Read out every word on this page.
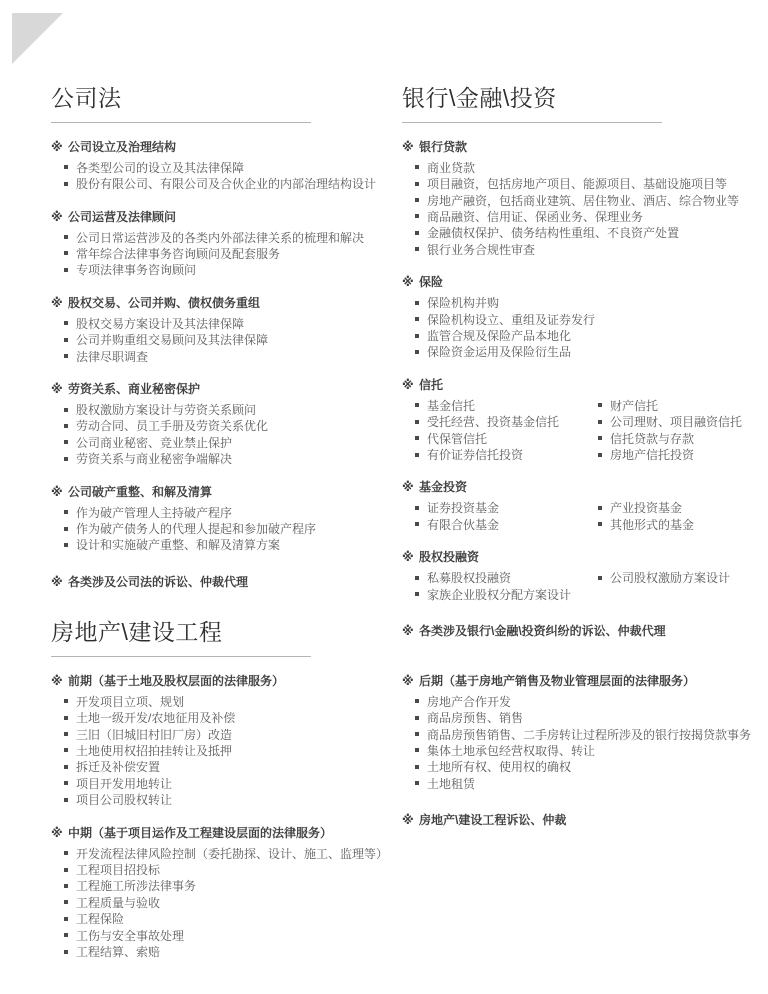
公司法
※ 公司设立及治理结构
各类型公司的设立及其法律保障
股份有限公司、有限公司及合伙企业的内部治理结构设计
※ 公司运营及法律顾问
公司日常运营涉及的各类内外部法律关系的梳理和解决
常年综合法律事务咨询顾问及配套服务
专项法律事务咨询顾问
※ 股权交易、公司并购、债权债务重组
股权交易方案设计及其法律保障
公司并购重组交易顾问及其法律保障
法律尽职调查
※ 劳资关系、商业秘密保护
股权激励方案设计与劳资关系顾问
劳动合同、员工手册及劳资关系优化
公司商业秘密、竞业禁止保护
劳资关系与商业秘密争端解决
※ 公司破产重整、和解及清算
作为破产管理人主持破产程序
作为破产债务人的代理人提起和参加破产程序
设计和实施破产重整、和解及清算方案
※ 各类涉及公司法的诉讼、仲裁代理
银行\金融\投资
※ 银行贷款
商业贷款
项目融资，包括房地产项目、能源项目、基础设施项目等
房地产融资，包括商业建筑、居住物业、酒店、综合物业等
商品融资、信用证、保函业务、保理业务
金融债权保护、债务结构性重组、不良资产处置
银行业务合规性审查
※ 保险
保险机构并购
保险机构设立、重组及证券发行
监管合规及保险产品本地化
保险资金运用及保险衍生品
※ 信托
基金信托
受托经营、投资基金信托
代保管信托
有价证券信托投资
财产信托
公司理财、项目融资信托
信托贷款与存款
房地产信托投资
※ 基金投资
证券投资基金
有限合伙基金
产业投资基金
其他形式的基金
※ 股权投融资
私募股权投融资
家族企业股权分配方案设计
公司股权激励方案设计
※ 各类涉及银行\金融\投资纠纷的诉讼、仲裁代理
房地产\建设工程
※ 前期（基于土地及股权层面的法律服务）
开发项目立项、规划
土地一级开发/农地征用及补偿
三旧（旧城旧村旧厂房）改造
土地使用权招拍挂转让及抵押
拆迁及补偿安置
项目开发用地转让
项目公司股权转让
※ 中期（基于项目运作及工程建设层面的法律服务）
开发流程法律风险控制（委托勘探、设计、施工、监理等）
工程项目招投标
工程施工所涉法律事务
工程质量与验收
工程保险
工伤与安全事故处理
工程结算、索赔
※ 后期（基于房地产销售及物业管理层面的法律服务）
房地产合作开发
商品房预售、销售
商品房预售销售、二手房转让过程所涉及的银行按揭贷款事务
集体土地承包经营权取得、转让
土地所有权、使用权的确权
土地租赁
※ 房地产\建设工程诉讼、仲裁
